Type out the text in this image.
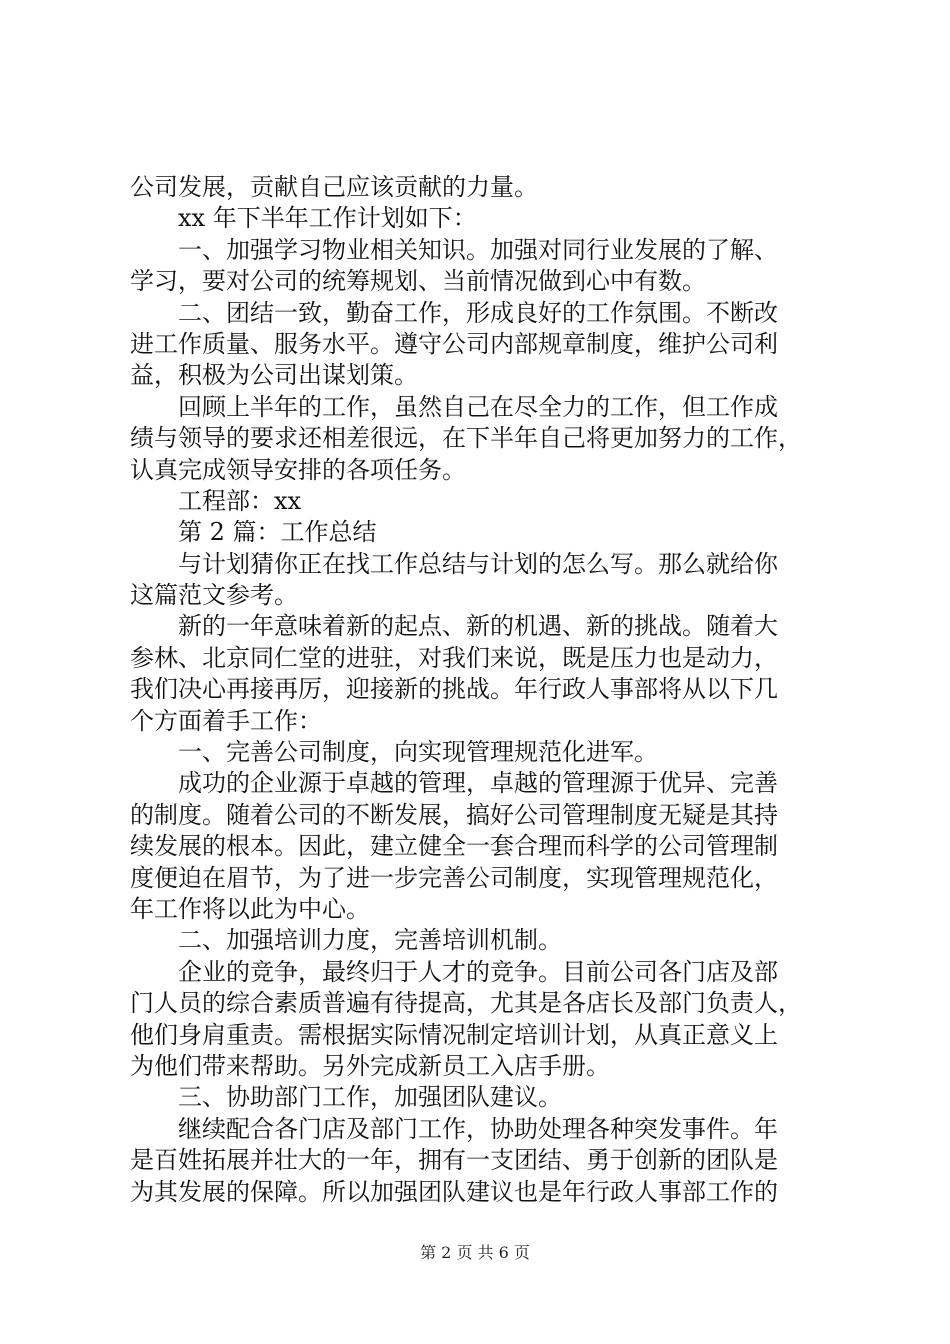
公司发展，贡献自己应该贡献的力量。
xx 年下半年工作计划如下：
一、加强学习物业相关知识。加强对同行业发展的了解、
学习，要对公司的统筹规划、当前情况做到心中有数。
二、团结一致，勤奋工作，形成良好的工作氛围。不断改
进工作质量、服务水平。遵守公司内部规章制度，维护公司利
益，积极为公司出谋划策。
回顾上半年的工作，虽然自己在尽全力的工作，但工作成
绩与领导的要求还相差很远，在下半年自己将更加努力的工作，
认真完成领导安排的各项任务。
工程部：xx
第 2 篇：工作总结
与计划猜你正在找工作总结与计划的怎么写。那么就给你
这篇范文参考。
新的一年意味着新的起点、新的机遇、新的挑战。随着大
参林、北京同仁堂的进驻，对我们来说，既是压力也是动力，
我们决心再接再厉，迎接新的挑战。年行政人事部将从以下几
个方面着手工作：
一、完善公司制度，向实现管理规范化进军。
成功的企业源于卓越的管理，卓越的管理源于优异、完善
的制度。随着公司的不断发展，搞好公司管理制度无疑是其持
续发展的根本。因此，建立健全一套合理而科学的公司管理制
度便迫在眉节，为了进一步完善公司制度，实现管理规范化，
年工作将以此为中心。
二、加强培训力度，完善培训机制。
企业的竞争，最终归于人才的竞争。目前公司各门店及部
门人员的综合素质普遍有待提高，尤其是各店长及部门负责人，
他们身肩重责。需根据实际情况制定培训计划，从真正意义上
为他们带来帮助。另外完成新员工入店手册。
三、协助部门工作，加强团队建议。
继续配合各门店及部门工作，协助处理各种突发事件。年
是百姓拓展并壮大的一年，拥有一支团结、勇于创新的团队是
为其发展的保障。所以加强团队建议也是年行政人事部工作的
第 2 页 共 6 页
